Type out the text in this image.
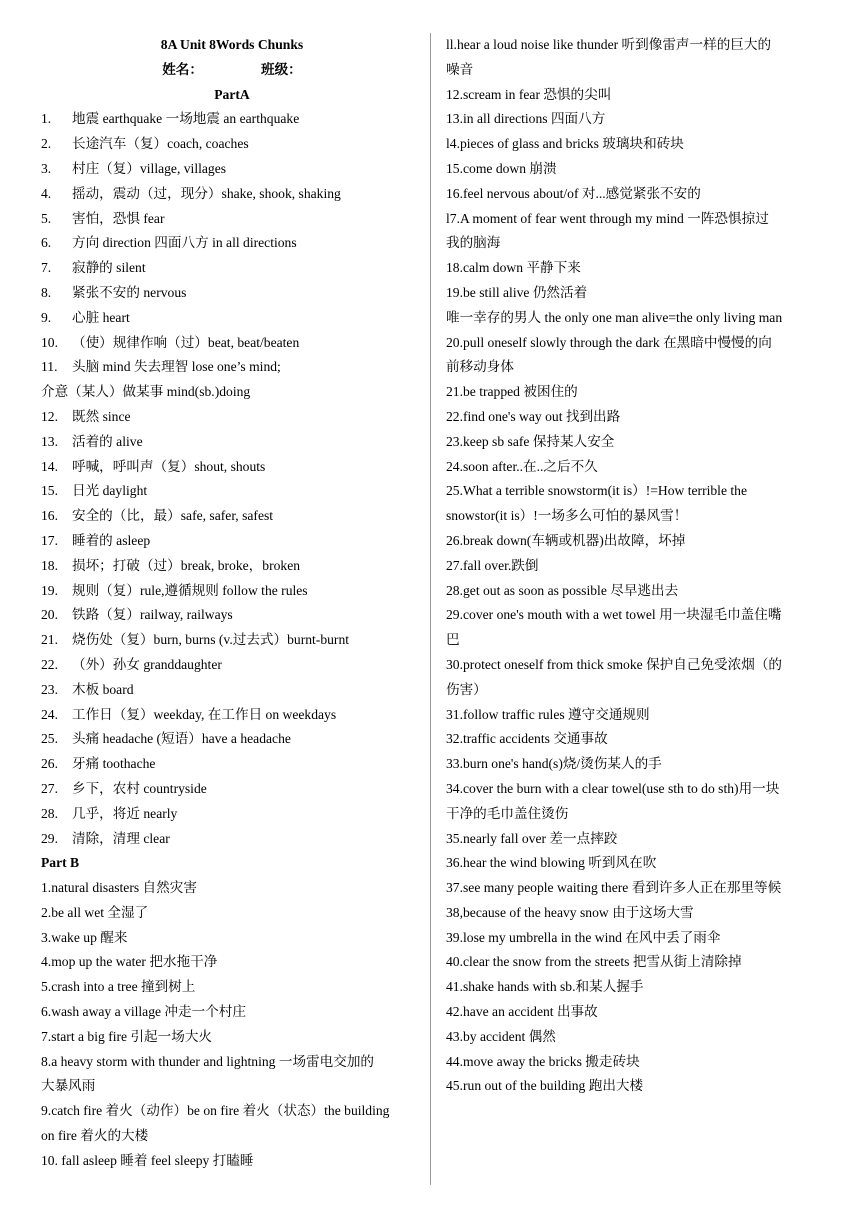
8A Unit 8Words Chunks
姓名：	班级：
PartA
1. 地震 earthquake 一场地震 an earthquake
2. 长途汽车（复）coach, coaches
3. 村庄（复）village, villages
4. 摇动，震动（过，现分）shake, shook, shaking
5. 害怕，恐惧 fear
6. 方向 direction 四面八方 in all directions
7. 寂静的 silent
8. 紧张不安的 nervous
9. 心脏 heart
10. （使）规律作响（过）beat, beat/beaten
11. 头脑 mind 失去理智 lose one’s mind;
介意（某人）做某事 mind(sb.)doing
12. 既然 since
13. 活着的 alive
14. 呼喊，呼叫声（复）shout, shouts
15. 日光 daylight
16. 安全的（比，最）safe, safer, safest
17. 睡着的 asleep
18. 损坏；打破（过）break, broke，broken
19. 规则（复）rule,遵循规则 follow the rules
20. 铁路（复）railway, railways
21. 烧伤处（复）burn, burns (v.过去式）burnt-burnt
22. （外）孙女 granddaughter
23. 木板 board
24. 工作日（复）weekday, 在工作日 on weekdays
25. 头痛 headache (短语）have a headache
26. 牙痛 toothache
27. 乡下，农村 countryside
28. 几乎，将近 nearly
29. 清除，清理 clear
Part B
1.natural disasters 自然灾害
2.be all wet 全湿了
3.wake up 醒来
4.mop up the water 把水拖干净
5.crash into a tree 撞到树上
6.wash away a village 冲走一个村庄
7.start a big fire 引起一场大火
8.a heavy storm with thunder and lightning 一场雷电交加的
大暴风雨
9.catch fire 着火（动作）be on fire 着火（状态）the building
on fire 着火的大楼
10. fall asleep 睡着 feel sleepy 打瞌睡
ll.hear a loud noise like thunder 听到像雷声一样的巨大的
噪音
12.scream in fear 恐惧的尖叫
13.in all directions 四面八方
l4.pieces of glass and bricks 玻璃块和砖块
15.come down 崩溃
16.feel nervous about/of 对...感觉紧张不安的
l7.A moment of fear went through my mind 一阵恐惧掠过
我的脑海
18.calm down 平静下来
19.be still alive 仍然活着
唯一幸存的男人 the only one man alive=the only living man
20.pull oneself slowly through the dark 在黑暗中慢慢的向
前移动身体
21.be trapped 被困住的
22.find one's way out 找到出路
23.keep sb safe 保持某人安全
24.soon after..在..之后不久
25.What a terrible snowstorm(it is）!=How terrible the
snowstor(it is）!一场多么可怕的暴风雪！
26.break down(车辆或机器)出故障，坏掉
27.fall over.跌倒
28.get out as soon as possible 尽早逃出去
29.cover one's mouth with a wet towel 用一块湿毛巾盖住嘴
巴
30.protect oneself from thick smoke 保护自己免受浓烟（的
伤害）
31.follow traffic rules 遵守交通规则
32.traffic accidents 交通事故
33.burn one's hand(s)烧/烫伤某人的手
34.cover the burn with a clear towel(use sth to do sth)用一块
干净的毛巾盖住烫伤
35.nearly fall over 差一点摔跤
36.hear the wind blowing 听到风在吹
37.see many people waiting there 看到许多人正在那里等候
38,because of the heavy snow 由于这场大雪
39.lose my umbrella in the wind 在风中丢了雨伞
40.clear the snow from the streets 把雪从街上清除掉
41.shake hands with sb.和某人握手
42.have an accident 出事故
43.by accident 偶然
44.move away the bricks 搬走砖块
45.run out of the building 跑出大楼
